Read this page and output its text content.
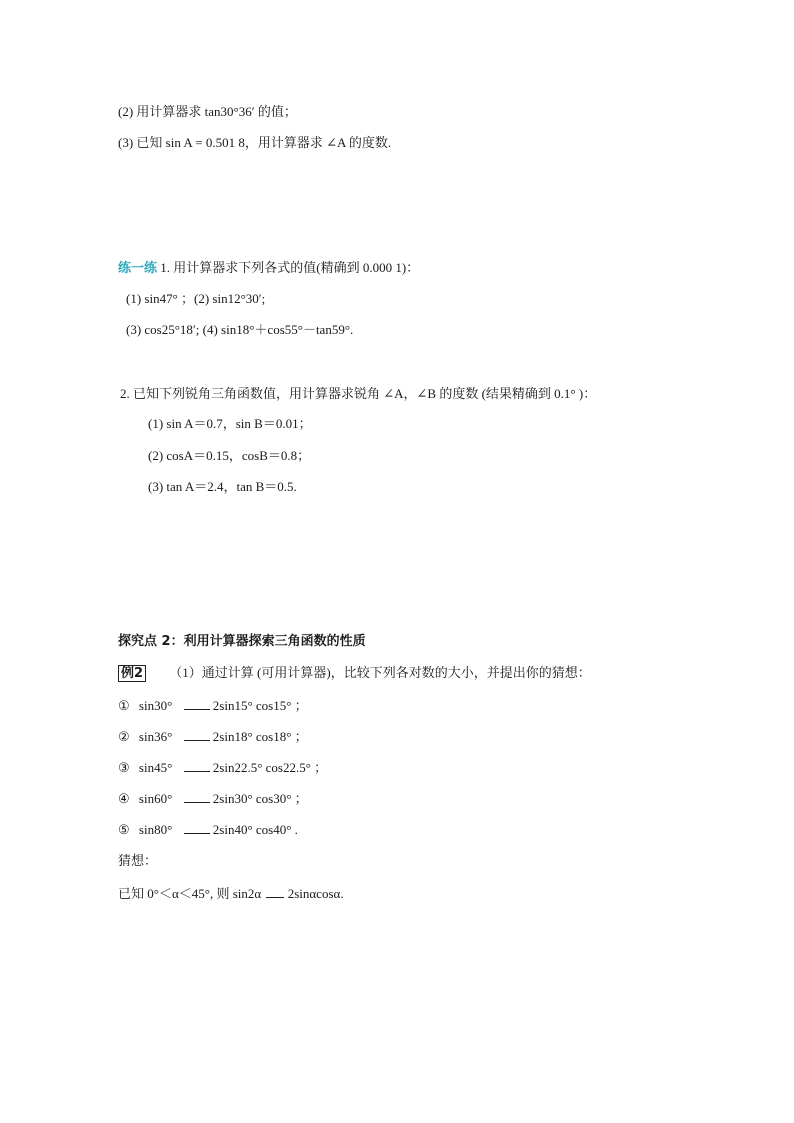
(2) 用计算器求 tan30°36′ 的值；
(3) 已知 sin A = 0.501 8，用计算器求 ∠A 的度数.
练一练 1. 用计算器求下列各式的值(精确到 0.000 1)：
(1) sin47° ；(2) sin12°30′;
(3) cos25°18′; (4) sin18°＋cos55°－tan59°.
2. 已知下列锐角三角函数值，用计算器求锐角 ∠A，∠B 的度数 (结果精确到 0.1° )：
(1) sin A＝0.7，sin B＝0.01；
(2) cosA＝0.15，cosB＝0.8；
(3) tan A＝2.4，tan B＝0.5.
探究点 2：利用计算器探索三角函数的性质
例2 （1）通过计算 (可用计算器)，比较下列各对数的大小，并提出你的猜想：
① sin30°	2sin15° cos15° ；
② sin36°	2sin18° cos18° ；
③ sin45°	2sin22.5° cos22.5° ；
④ sin60°	2sin30° cos30° ；
⑤ sin80°	2sin40° cos40° .
猜想：
已知 0°＜α＜45°, 则 sin2α 2sinαcosα.
